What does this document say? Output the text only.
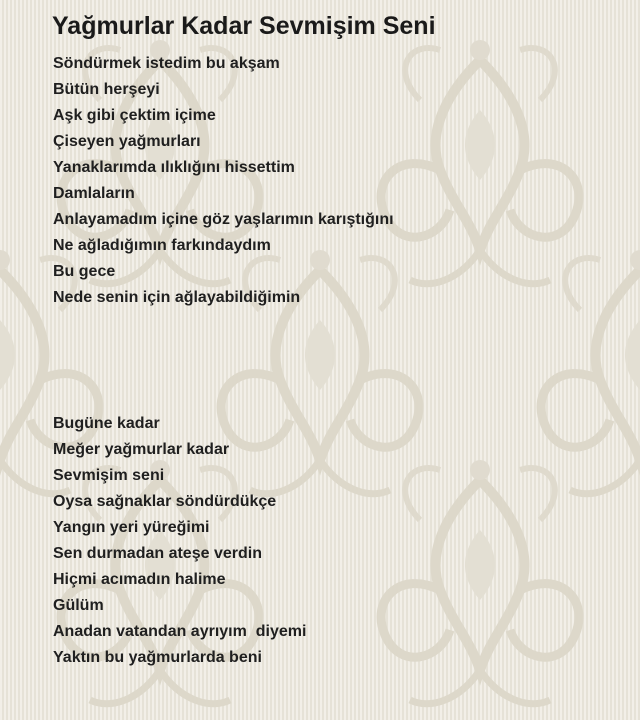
Yağmurlar Kadar Sevmişim Seni
Söndürmek istedim bu akşam
Bütün herşeyi
Aşk gibi çektim içime
Çiseyen yağmurları
Yanaklarımda ılıklığını hissettim
Damlaların
Anlayamadım içine göz yaşlarımın karıştığını
Ne ağladığımın farkındaydım
Bu gece
Nede senin için ağlayabildiğimin
Bugüne kadar
Meğer yağmurlar kadar
Sevmişim seni
Oysa sağnaklar söndürdükçe
Yangın yeri yüreğimi
Sen durmadan ateşe verdin
Hiçmi acımadın halime
Gülüm
Anadan vatandan ayrıyım  diyemi
Yaktın bu yağmurlarda beni
